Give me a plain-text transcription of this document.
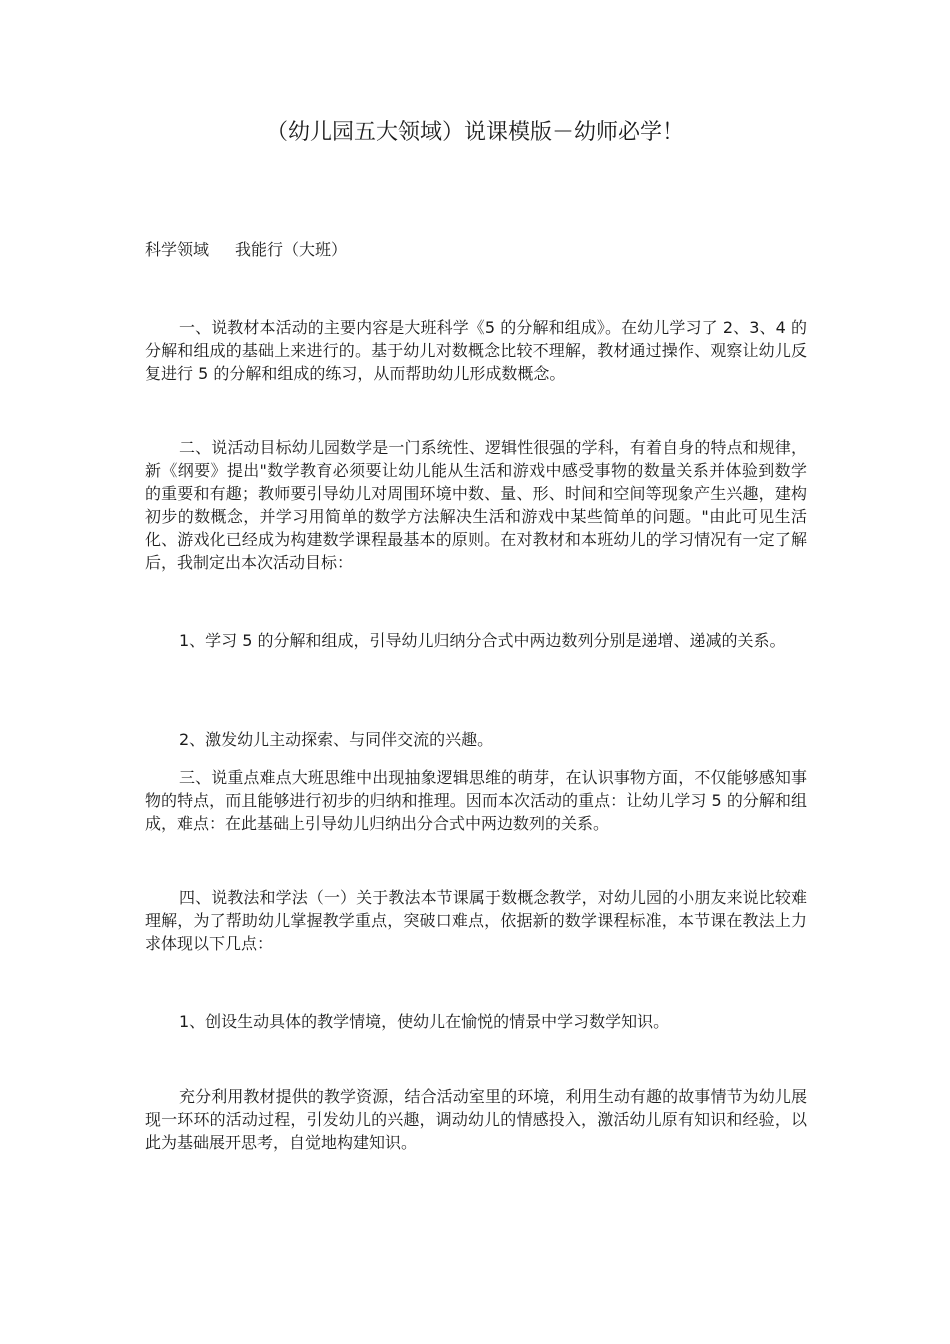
（幼儿园五大领域）说课模版－幼师必学！
科学领域 我能行（大班）

一、说教材本活动的主要内容是大班科学《5 的分解和组成》。在幼儿学习了 2、3、4 的分解和组成的基础上来进行的。基于幼儿对数概念比较不理解，教材通过操作、观察让幼儿反复进行 5 的分解和组成的练习，从而帮助幼儿形成数概念。

二、说活动目标幼儿园数学是一门系统性、逻辑性很强的学科，有着自身的特点和规律，新《纲要》提出"数学教育必须要让幼儿能从生活和游戏中感受事物的数量关系并体验到数学的重要和有趣；教师要引导幼儿对周围环境中数、量、形、时间和空间等现象产生兴趣，建构初步的数概念，并学习用简单的数学方法解决生活和游戏中某些简单的问题。"由此可见生活化、游戏化已经成为构建数学课程最基本的原则。在对教材和本班幼儿的学习情况有一定了解后，我制定出本次活动目标：

1、学习 5 的分解和组成，引导幼儿归纳分合式中两边数列分别是递增、递减的关系。

2、激发幼儿主动探索、与同伴交流的兴趣。

三、说重点难点大班思维中出现抽象逻辑思维的萌芽，在认识事物方面，不仅能够感知事物的特点，而且能够进行初步的归纳和推理。因而本次活动的重点：让幼儿学习 5 的分解和组成，难点：在此基础上引导幼儿归纳出分合式中两边数列的关系。

四、说教法和学法（一）关于教法本节课属于数概念教学，对幼儿园的小朋友来说比较难理解，为了帮助幼儿掌握教学重点，突破口难点，依据新的数学课程标准，本节课在教法上力求体现以下几点：

1、创设生动具体的教学情境，使幼儿在愉悦的情景中学习数学知识。

充分利用教材提供的教学资源，结合活动室里的环境，利用生动有趣的故事情节为幼儿展现一环环的活动过程，引发幼儿的兴趣，调动幼儿的情感投入，激活幼儿原有知识和经验，以此为基础展开思考，自觉地构建知识。
